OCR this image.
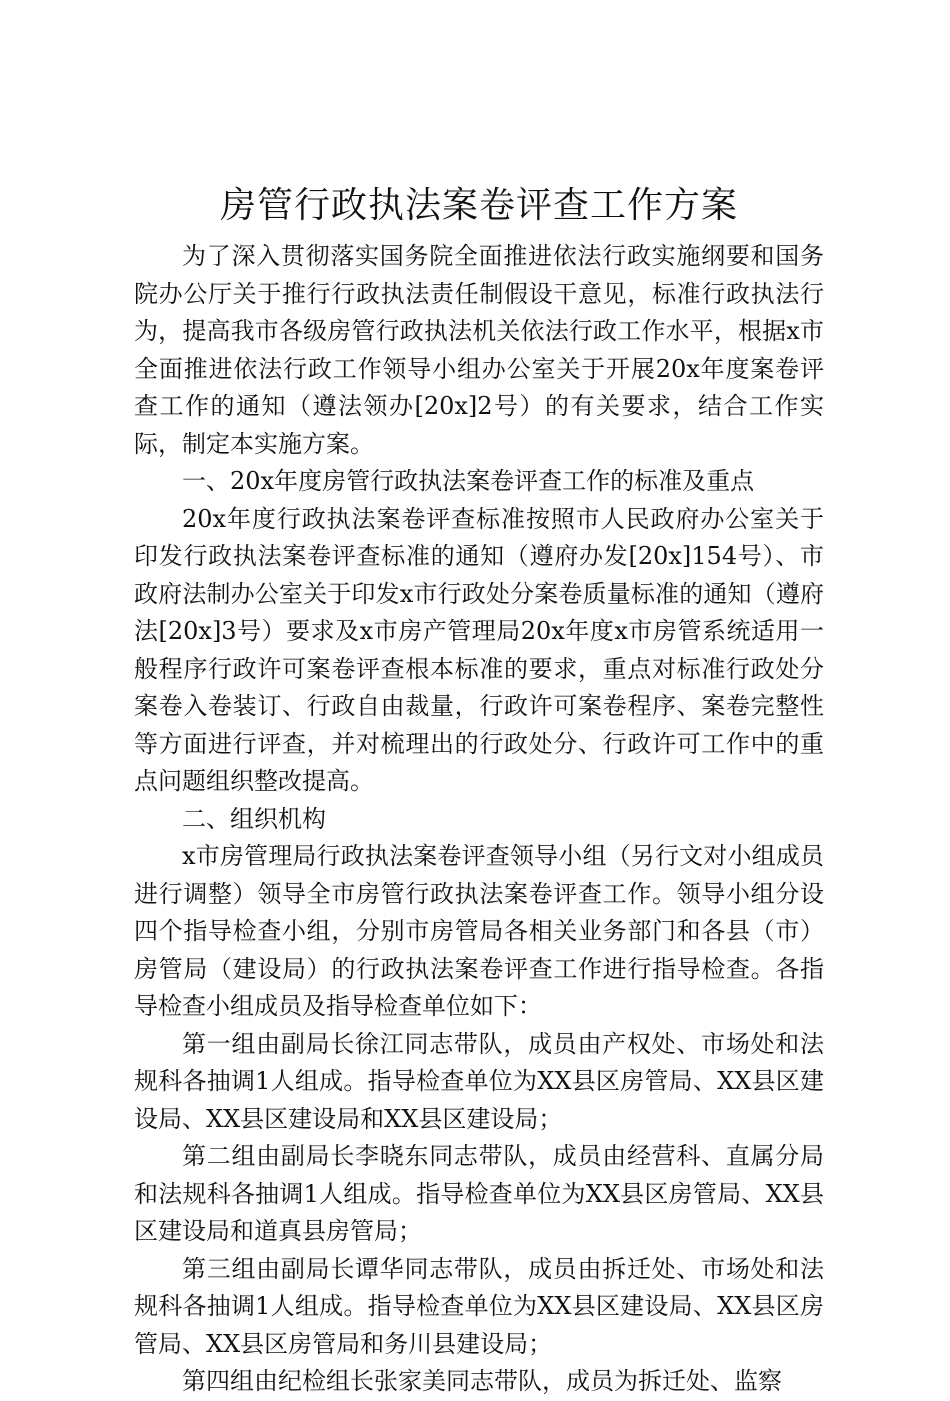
房管行政执法案卷评查工作方案

为了深入贯彻落实国务院全面推进依法行政实施纲要和国务院办公厅关于推行行政执法责任制假设干意见，标准行政执法行为，提高我市各级房管行政执法机关依法行政工作水平，根据x市全面推进依法行政工作领导小组办公室关于开展20x年度案卷评查工作的通知（遵法领办[20x]2号）的有关要求，结合工作实际，制定本实施方案。

一、20x年度房管行政执法案卷评查工作的标准及重点

20x年度行政执法案卷评查标准按照市人民政府办公室关于印发行政执法案卷评查标准的通知（遵府办发[20x]154号）、市政府法制办公室关于印发x市行政处分案卷质量标准的通知（遵府法[20x]3号）要求及x市房产管理局20x年度x市房管系统适用一般程序行政许可案卷评查根本标准的要求，重点对标准行政处分案卷入卷装订、行政自由裁量，行政许可案卷程序、案卷完整性等方面进行评查，并对梳理出的行政处分、行政许可工作中的重点问题组织整改提高。

二、组织机构

x市房管理局行政执法案卷评查领导小组（另行文对小组成员进行调整）领导全市房管行政执法案卷评查工作。领导小组分设四个指导检查小组，分别市房管局各相关业务部门和各县（市）房管局（建设局）的行政执法案卷评查工作进行指导检查。各指导检查小组成员及指导检查单位如下：

第一组由副局长徐江同志带队，成员由产权处、市场处和法规科各抽调1人组成。指导检查单位为XX县区房管局、XX县区建设局、XX县区建设局和XX县区建设局；

第二组由副局长李晓东同志带队，成员由经营科、直属分局和法规科各抽调1人组成。指导检查单位为XX县区房管局、XX县区建设局和道真县房管局；

第三组由副局长谭华同志带队，成员由拆迁处、市场处和法规科各抽调1人组成。指导检查单位为XX县区建设局、XX县区房管局、XX县区房管局和务川县建设局；

第四组由纪检组长张家美同志带队，成员为拆迁处、监察
